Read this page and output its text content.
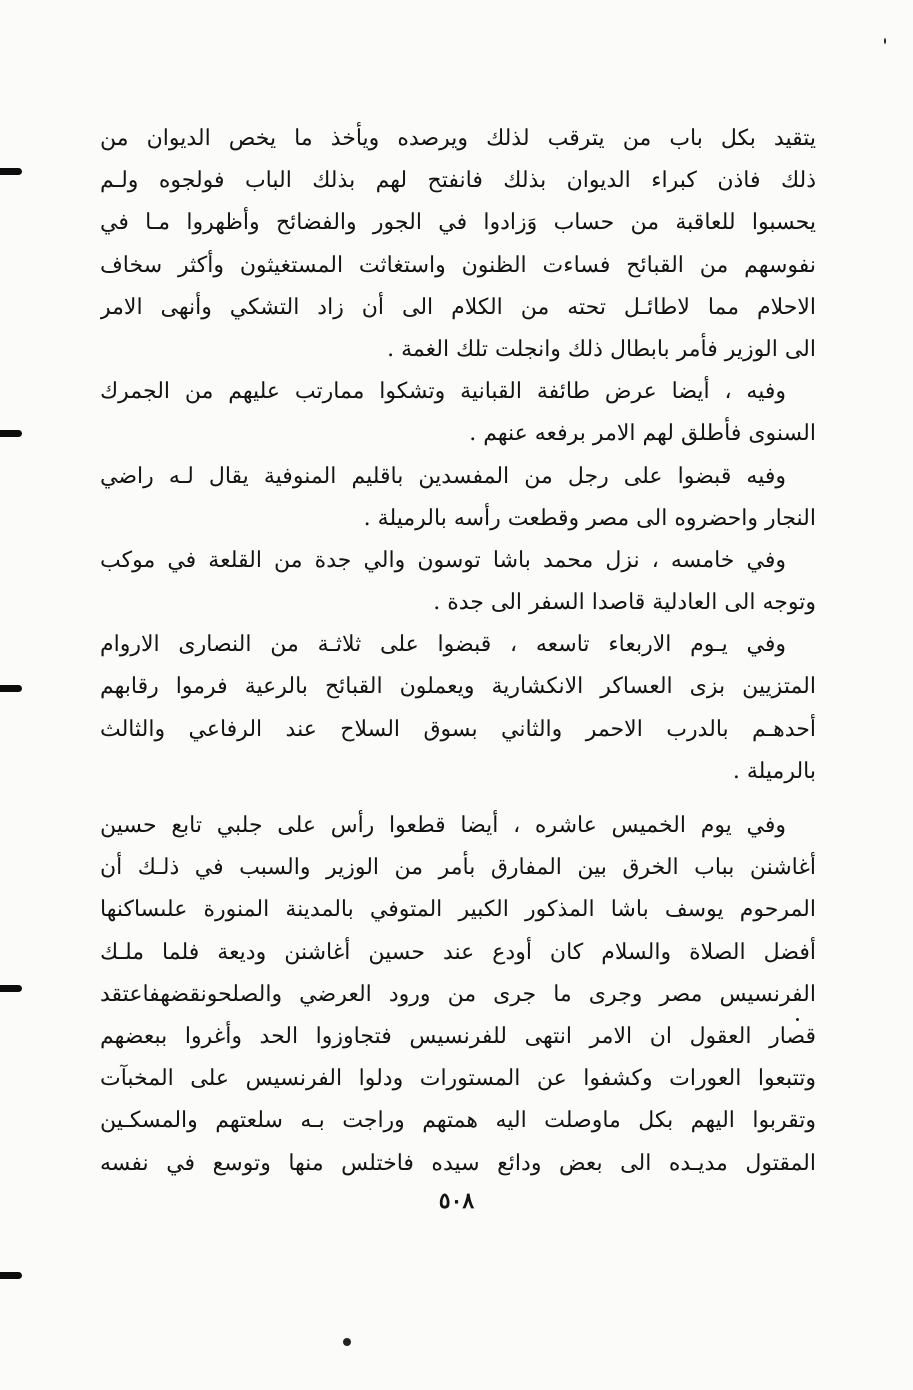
يتقيد بكل باب من يترقب لذلك ويرصده ويأخذ ما يخص الديوان من
ذلك فاذن كبراء الديوان بذلك فانفتح لهم بذلك الباب فولجوه ولـم
يحسبوا للعاقبة من حساب وَزادوا في الجور والفضائح وأظهروا مـا في
نفوسهم من القبائح فساءت الظنون واستغاثت المستغيثون وأكثر سخاف
الاحلام مما لاطائـل تحته من الكلام الى أن زاد التشكي وأنهى الامر
الى الوزير فأمر بابطال ذلك وانجلت تلك الغمة .
وفيه ، أيضا عرض طائفة القبانية وتشكوا ممارتب عليهم من الجمرك
السنوى فأطلق لهم الامر برفعه عنهم .
وفيه قبضوا على رجل من المفسدين باقليم المنوفية يقال لـه راضي
النجار واحضروه الى مصر وقطعت رأسه بالرميلة .
وفي خامسه ، نزل محمد باشا توسون والي جدة من القلعة في موكب
وتوجه الى العادلية قاصدا السفر الى جدة .
وفي يـوم الاربعاء تاسعه ، قبضوا على ثلاثـة من النصارى الاروام
المتزيين بزى العساكر الانكشارية ويعملون القبائح بالرعية فرموا رقابهم
أحدهـم بالدرب الاحمر والثاني بسوق السلاح عند الرفاعي والثالث
بالرميلة .
وفي يوم الخميس عاشره ، أيضا قطعوا رأس على جلبي تابع حسين
أغاشنن بباب الخرق بين المفارق بأمر من الوزير والسبب في ذلـك أن
المرحوم يوسف باشا المذكور الكبير المتوفي بالمدينة المنورة علىساكنها
أفضل الصلاة والسلام كان أودع عند حسين أغاشنن وديعة فلما ملـك
الفرنسيس مصر وجرى ما جرى من ورود العرضي والصلحونقضهفاعتقد
قصار العقول ان الامر انتهى للفرنسيس فتجاوزوا الحد وأغروا ببعضهم
وتتبعوا العورات وكشفوا عن المستورات ودلوا الفرنسيس على المخبآت
وتقربوا اليهم بكل ماوصلت اليه همتهم وراجت بـه سلعتهم والمسكـين
المقتول مديـده الى بعض ودائع سيده فاختلس منها وتوسع في نفسه
٥٠٨
